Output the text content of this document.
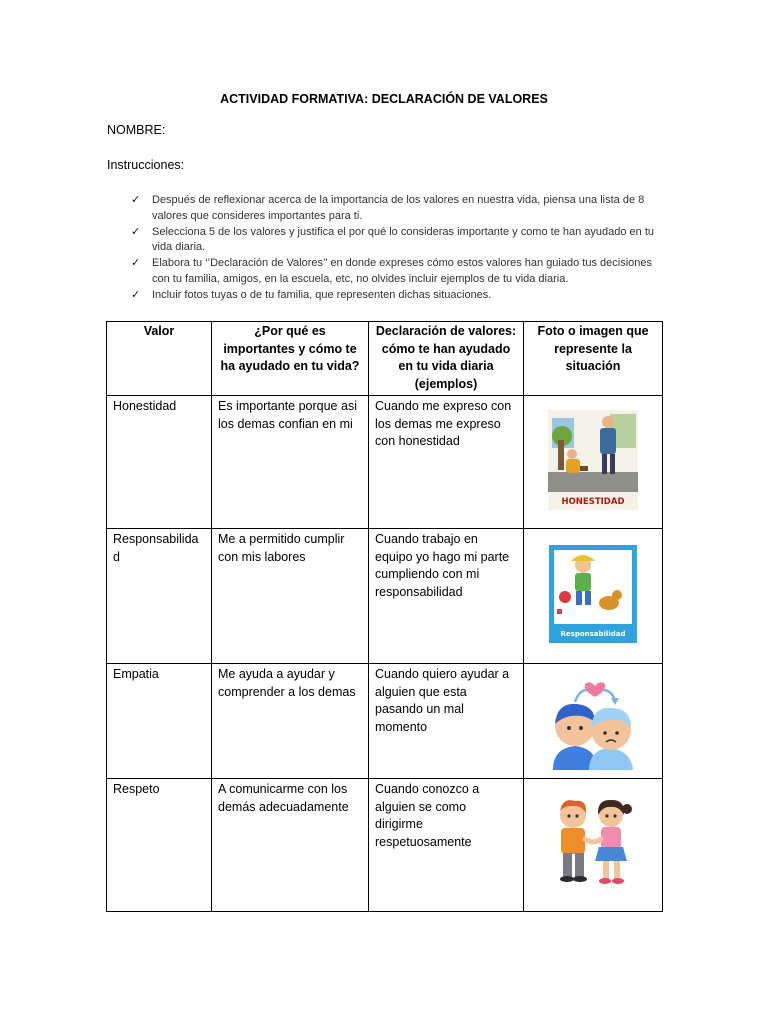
ACTIVIDAD FORMATIVA: DECLARACIÓN DE VALORES
NOMBRE:
Instrucciones:
✓ Después de reflexionar acerca de la importancia de los valores en nuestra vida, piensa una lista de 8 valores que consideres importantes para ti.
✓ Selecciona 5 de los valores y justifica el por qué lo consideras importante y como te han ayudado en tu vida diaria.
✓ Elabora tu ‘’Declaración de Valores’’ en donde expreses cómo estos valores han guiado tus decisiones con tu familia, amigos, en la escuela, etc, no olvides incluir ejemplos de tu vida diaria.
✓ Incluir fotos tuyas o de tu familia, que representen dichas situaciones.
Valor	¿Por qué es importantes y cómo te ha ayudado en tu vida?	Declaración de valores: cómo te han ayudado en tu vida diaria (ejemplos)	Foto o imagen que represente la situación
Honestidad	Es importante porque asi los demas confian en mi	Cuando me expreso con los demas me expreso con honestidad	HONESTIDAD

Responsabilidad	Me a permitido cumplir con mis labores	Cuando trabajo en equipo yo hago mi parte cumpliendo con mi responsabilidad	Responsabilidad

Empatia	Me ayuda a ayudar y comprender a los demas	Cuando quiero ayudar a alguien que esta pasando un mal momento	

Respeto	A comunicarme con los demás adecuadamente	Cuando conozco a alguien se como dirigirme respetuosamente	
